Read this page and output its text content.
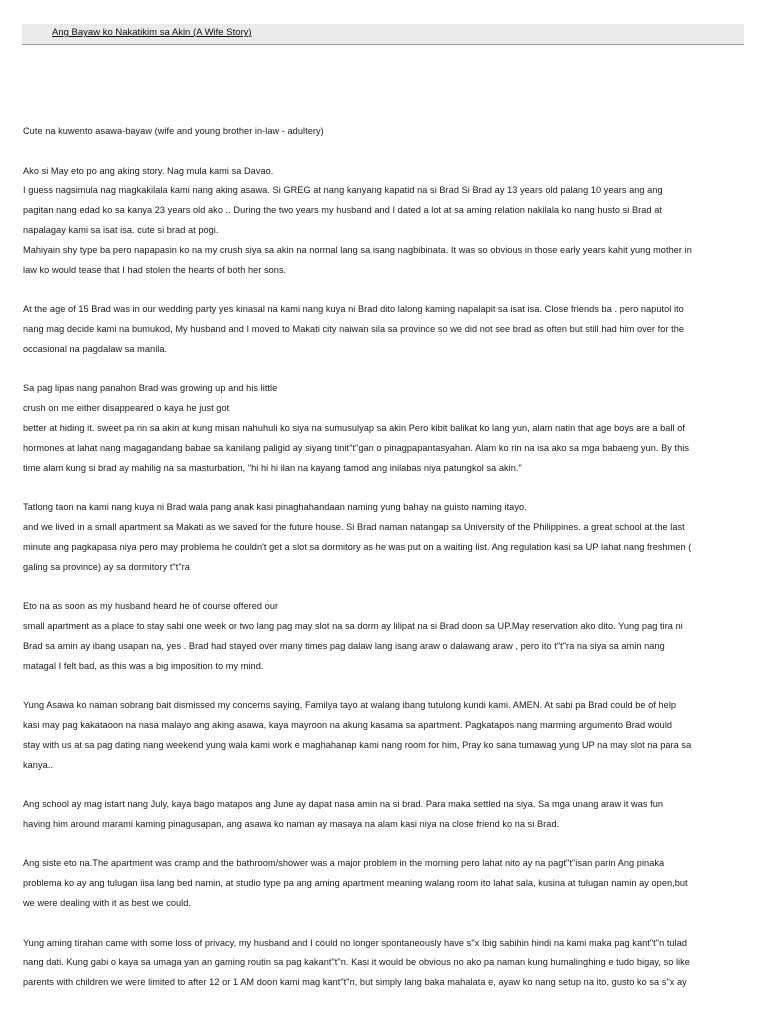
Ang Bayaw ko Nakatikim sa Akin (A Wife Story)
Cute na kuwento asawa-bayaw (wife and young brother in-law - adultery)
Ako si May eto po ang aking story. Nag mula kami sa Davao.
I guess nagsimula nag magkakilala kami nang aking asawa. Si GREG at nang kanyang kapatid na si Brad Si Brad ay 13 years old palang 10 years ang ang
pagitan nang edad ko sa kanya 23 years old ako .. During the two years my husband and I dated a lot at sa aming relation nakilala ko nang husto si Brad at
napalagay kami sa isat isa. cute si brad at pogi.
Mahiyain shy type ba pero napapasin ko na my crush siya sa akin na normal lang sa isang nagbibinata. It was so obvious in those early years kahit yung mother in
law ko would tease that I had stolen the hearts of both her sons.
At the age of 15 Brad was in our wedding party yes kinasal na kami nang kuya ni Brad dito lalong kaming napalapit sa isat isa. Close friends ba . pero naputol ito
nang mag decide kami na bumukod, My husband and I moved to Makati city naiwan sila sa province so we did not see brad as often but still had him over for the
occasional na pagdalaw sa manila.
Sa pag lipas nang panahon Brad was growing up and his little
crush on me either disappeared o kaya he just got
better at hiding it. sweet pa rin sa akin at kung misan nahuhuli ko siya na sumusulyap sa akin Pero kibit balikat ko lang yun, alam natin that age boys are a ball of
hormones at lahat nang magagandang babae sa kanilang paligid ay siyang tinit"t"gan o pinagpapantasyahan. Alam ko rin na isa ako sa mga babaeng yun. By this
time alam kung si brad ay mahilig na sa masturbation, "hi hi hi ilan na kayang tamod ang inilabas niya patungkol sa akin."
Tatlong taon na kami nang kuya ni Brad wala pang anak kasi pinaghahandaan naming yung bahay na guisto naming itayo.
and we lived in a small apartment sa Makati as we saved for the future house. Si Brad naman natangap sa University of the Philippines. a great school at the last
minute ang pagkapasa niya pero may problema he couldn't get a slot sa dormitory as he was put on a waiting list. Ang regulation kasi sa UP lahat nang freshmen (
galing sa province) ay sa dormitory t"t"ra
Eto na as soon as my husband heard he of course offered our
small apartment as a place to stay sabi one week or two lang pag may slot na sa dorm ay lilipat na si Brad doon sa UP.May reservation ako dito. Yung pag tira ni
Brad sa amin ay ibang usapan na, yes . Brad had stayed over many times pag dalaw lang isang araw o dalawang araw , pero ito t"t"ra na siya sa amin nang
matagal I felt bad, as this was a big imposition to my mind.
Yung Asawa ko naman sobrang bait dismissed my concerns saying, Familya tayo at walang ibang tutulong kundi kami. AMEN. At sabi pa Brad could be of help
kasi may pag kakataoon na nasa malayo ang aking asawa, kaya mayroon na akung kasama sa apartment. Pagkatapos nang marming argumento Brad would
stay with us at sa pag dating nang weekend yung wala kami work e maghahanap kami nang room for him, Pray ko sana tumawag yung UP na may slot na para sa
kanya..
Ang school ay mag istart nang July, kaya bago matapos ang June ay dapat nasa amin na si brad. Para maka settled na siya. Sa mga unang araw it was fun
having him around marami kaming pinagusapan, ang asawa ko naman ay masaya na alam kasi niya na close friend ko na si Brad.
Ang siste eto na.The apartment was cramp and the bathroom/shower was a major problem in the morning pero lahat nito ay na pagt"t"isan parin Ang pinaka
problema ko ay ang tulugan iisa lang bed namin, at studio type pa ang aming apartment meaning walang room ito lahat sala, kusina at tulugan namin ay open,but
we were dealing with it as best we could.
Yung aming tirahan came with some loss of privacy, my husband and I could no longer spontaneously have s"x Ibig sabihin hindi na kami maka pag kant"t"n tulad
nang dati. Kung gabi o kaya sa umaga yan an gaming routin sa pag kakant"t"n. Kasi it would be obvious no ako pa naman kung humalinghing e tudo bigay, so like
parents with children we were limited to after 12 or 1 AM doon kami mag kant"t"n, but simply lang baka mahalata e, ayaw ko nang setup na ito, gusto ko sa s"x ay
